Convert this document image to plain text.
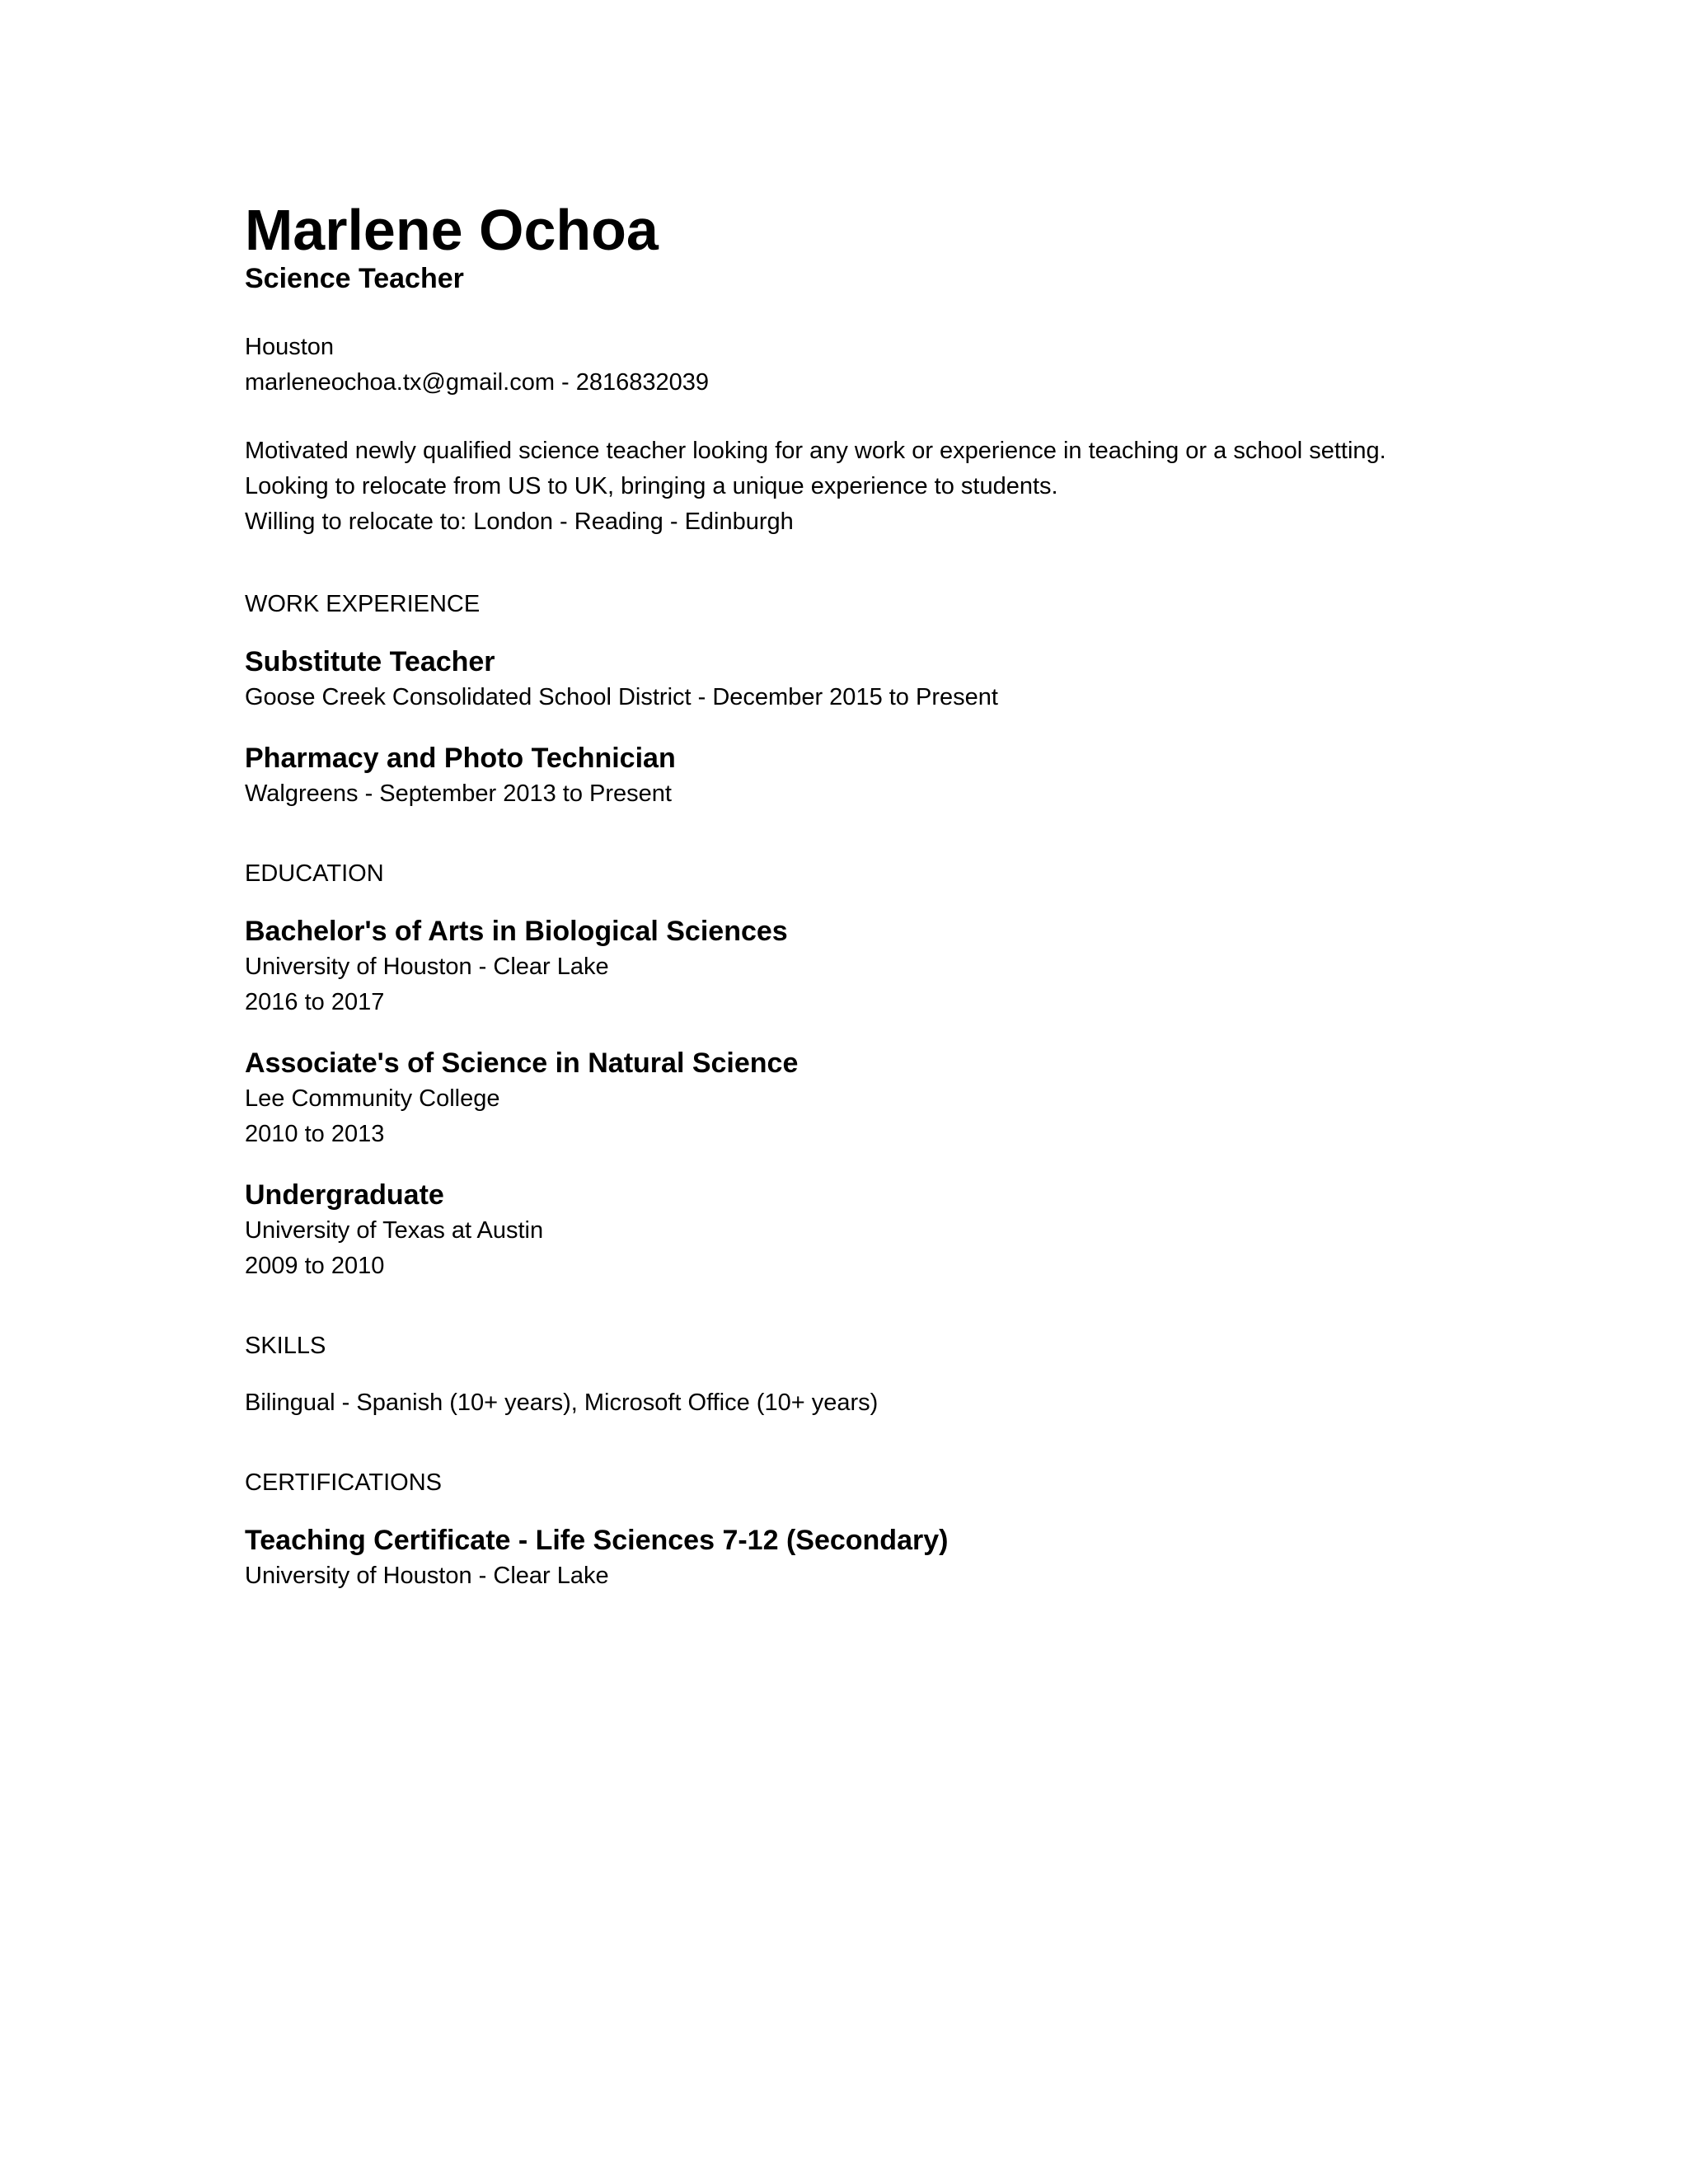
Marlene Ochoa
Science Teacher

Houston

marleneochoa.tx@gmail.com - 2816832039

Motivated newly qualified science teacher looking for any work or experience in teaching or a school setting.

Looking to relocate from US to UK, bringing a unique experience to students.

Willing to relocate to: London - Reading - Edinburgh

WORK EXPERIENCE
Substitute Teacher

Goose Creek Consolidated School District - December 2015 to Present

Pharmacy and Photo Technician

Walgreens - September 2013 to Present

EDUCATION
Bachelor's of Arts in Biological Sciences

University of Houston - Clear Lake

2016 to 2017

Associate's of Science in Natural Science

Lee Community College

2010 to 2013

Undergraduate

University of Texas at Austin

2009 to 2010

SKILLS

Bilingual - Spanish (10+ years), Microsoft Office (10+ years)

CERTIFICATIONS
Teaching Certificate - Life Sciences 7-12 (Secondary)

University of Houston - Clear Lake
